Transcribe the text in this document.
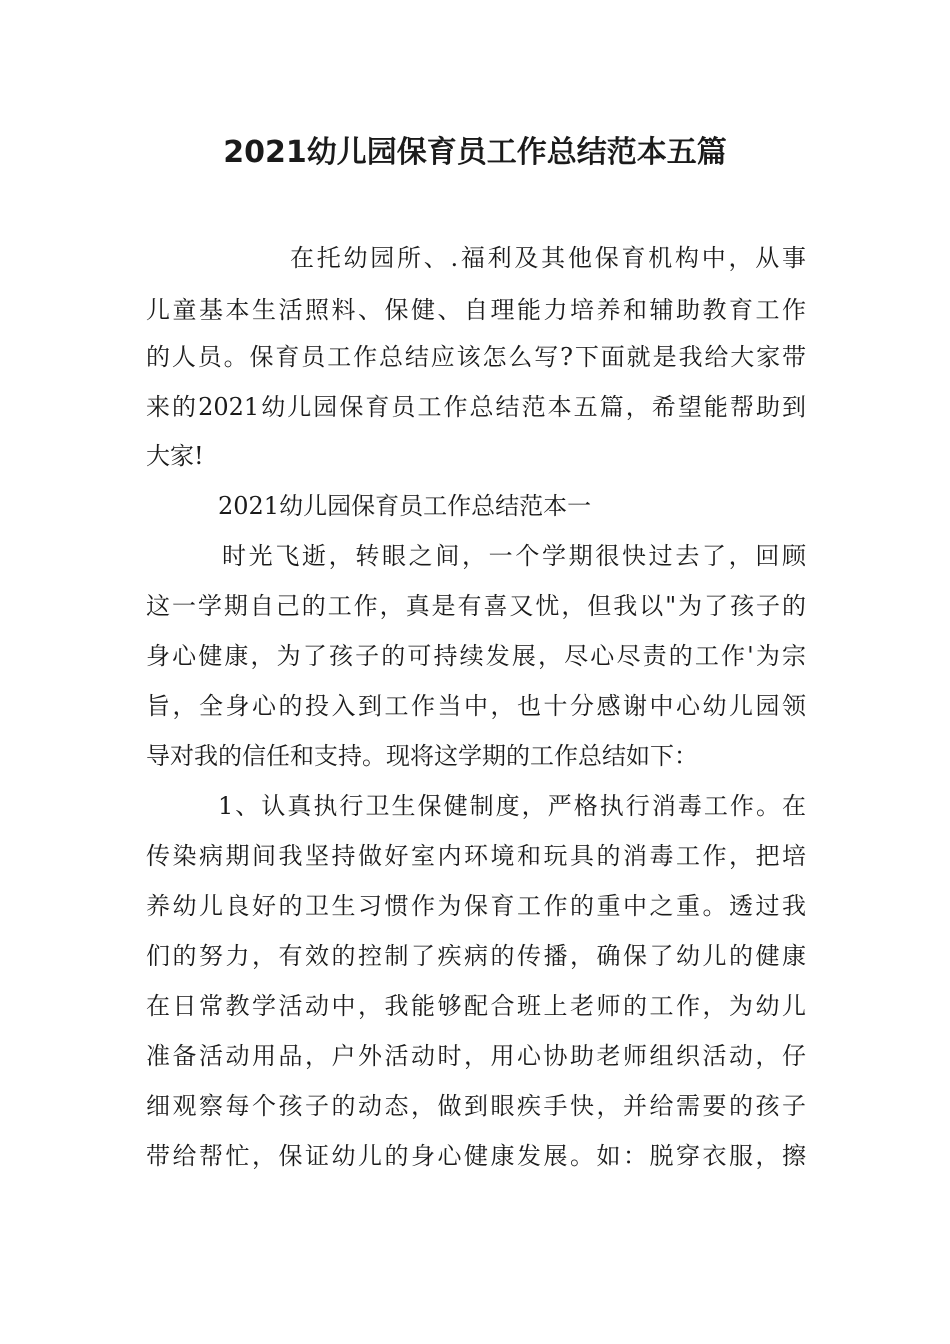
2021幼儿园保育员工作总结范本五篇
在托幼园所、.福利及其他保育机构中，从事
儿童基本生活照料、保健、自理能力培养和辅助教育工作
的人员。保育员工作总结应该怎么写?下面就是我给大家带
来的2021幼儿园保育员工作总结范本五篇，希望能帮助到
大家!
2021幼儿园保育员工作总结范本一
时光飞逝，转眼之间，一个学期很快过去了，回顾
这一学期自己的工作，真是有喜又忧，但我以"为了孩子的
身心健康，为了孩子的可持续发展，尽心尽责的工作'为宗
旨，全身心的投入到工作当中，也十分感谢中心幼儿园领
导对我的信任和支持。现将这学期的工作总结如下：
1、认真执行卫生保健制度，严格执行消毒工作。在
传染病期间我坚持做好室内环境和玩具的消毒工作，把培
养幼儿良好的卫生习惯作为保育工作的重中之重。透过我
们的努力，有效的控制了疾病的传播，确保了幼儿的健康
在日常教学活动中，我能够配合班上老师的工作，为幼儿
准备活动用品，户外活动时，用心协助老师组织活动，仔
细观察每个孩子的动态，做到眼疾手快，并给需要的孩子
带给帮忙，保证幼儿的身心健康发展。如：脱穿衣服，擦
